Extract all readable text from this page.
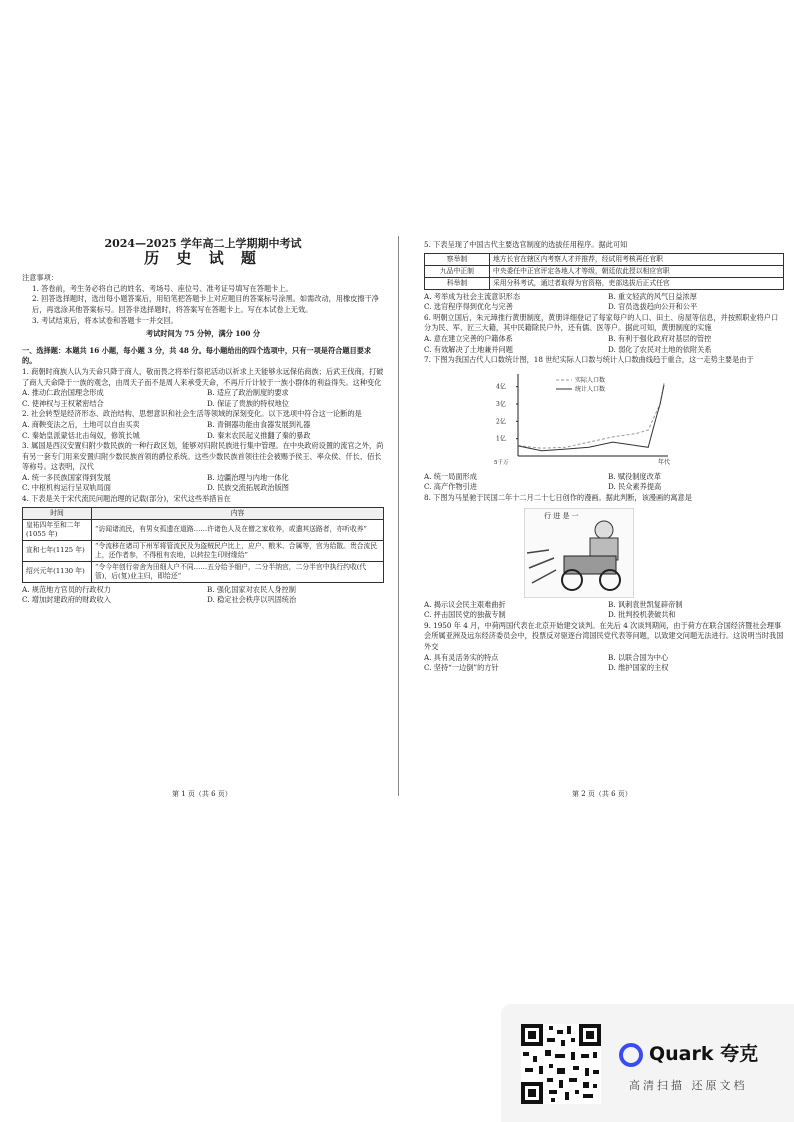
2024—2025 学年高二上学期期中考试
历 史 试 题

注意事项：

1. 答卷前，考生务必将自己的姓名、考场号、座位号、准考证号填写在答题卡上。

2. 回答选择题时，选出每小题答案后，用铅笔把答题卡上对应题目的答案标号涂黑。如需改动，用橡皮擦干净后，再选涂其他答案标号。回答非选择题时，将答案写在答题卡上。写在本试卷上无效。

3. 考试结束后，将本试卷和答题卡一并交回。

考试时间为 75 分钟，满分 100 分

一、选择题：本题共 16 小题，每小题 3 分，共 48 分。每小题给出的四个选项中，只有一项是符合题目要求的。

1. 商朝时商族人认为天命只降于商人，敬而畏之将举行祭祀活动以祈求上天能够永远保佑商族；后武王伐商，打破了商人天命降于一族的观念，由周天子而不是周人来承受天命，不再斤斤计较于一族小群体的利益得失。这种变化

A. 推动仁政治国理念形成	B. 适应了政治制度的要求
C. 使神权与王权紧密结合	D. 保证了贵族的特权地位

2. 社会转型是经济形态、政治结构、思想意识和社会生活等领域的深刻变化。以下选项中符合这一论断的是

A. 商鞅变法之后，土地可以自由买卖	B. 青铜器功能由食器发展到礼器
C. 秦始皇派蒙恬北击匈奴，修筑长城	D. 秦末农民起义推翻了秦的暴政

3. 属国是西汉安置归附少数民族的一种行政区划，能够对归附民族进行集中管理。在中央政府设置的流官之外，尚有另一套专门用来安置归附少数民族首领的爵位系统。这些少数民族首领往往会被赐予侯王、率众侯、仟长、佰长等称号。这表明，汉代

A. 统一多民族国家得到发展	B. 边疆治理与内地一体化
C. 中枢机构运行呈双轨局面	D. 民族交流拓展政治版图

4. 下表是关于宋代流民问题治理的记载(部分)，宋代这些举措旨在

时间	内容
皇祐四年至和二年(1055 年)	“访闻诸流民，有男女孤遗在道路……许诸色人及在僧之家收养，或遣其送路者，亦听收养”
宣和七年(1125 年)	“令流移在诸司下州军将管流民及为盗贼民户比上，应户、粮米、合属等，官为给散。贵合流民上，还作者参，不得租有农地，以转拉生印财缘给”
绍兴元年(1130 年)	“令今年创行帝舍为田细人户不同……五分给予细户，二分半纳官，二分半官中执行约收(代管)，后(复)业主归，即给还”
A. 规范地方官员的行政权力	B. 强化国家对农民人身控制
C. 增加封建政府的财政收入	D. 稳定社会秩序以巩固统治
第 1 页（共 6 页）

5. 下表呈现了中国古代主要选官制度的选拔任用程序。据此可知

察举制	地方长官在辖区内考察人才并推荐，经试用考核再任官职
九品中正制	中央委任中正官评定各地人才等级，朝廷依此授以相应官职
科举制	采用分科考试，通过者取得为官资格，吏部选拔后正式任官
A. 考举成为社会主流意识形态	B. 重文轻武的风气日益浓厚
C. 选官程序得到优化与完善	D. 官员选拔趋向公开和公平

6. 明朝立国后，朱元璋推行黄册制度，黄册详细登记了每家每户的人口、田土、房屋等信息，并按照职业将户口分为民、军、匠三大籍，其中民籍除民户外，还有儒、医等户。据此可知，黄册制度的实施

A. 意在建立完善的户籍体系	B. 有利于强化政府对基层的管控
C. 有效解决了土地兼并问题	D. 弱化了农民对土地的依附关系

7. 下图为我国古代人口数统计图，18 世纪实际人口数与统计人口数曲线趋于重合，这一走势主要是由于

1亿
2亿
3亿
4亿
5千万	年代
实际人口数
统计人口数
A. 统一局面形成	B. 赋役制度改革
C. 高产作物引进	D. 民众素养提高

8. 下图为马星驰于民国二年十二月二十七日创作的漫画。据此判断，该漫画的寓意是

行 进 是 一
A. 揭示议会民主艰难曲折	B. 讽刺袁世凯复辟帝制
C. 抨击国民党的独裁专制	D. 批判投机袭破共和

9. 1950 年 4 月，中荷两国代表在北京开始建交谈判。在先后 4 次谈判期间，由于荷方在联合国经济暨社会理事会所属亚洲及远东经济委员会中，投票反对驱逐台湾国民党代表等问题，以致建交问题无法进行。这说明当时我国外交

A. 具有灵活务实的特点	B. 以联合国为中心
C. 坚持“一边倒”的方针	D. 维护国家的主权
第 2 页（共 6 页）
Quark 夸克
高清扫描 还原文档
